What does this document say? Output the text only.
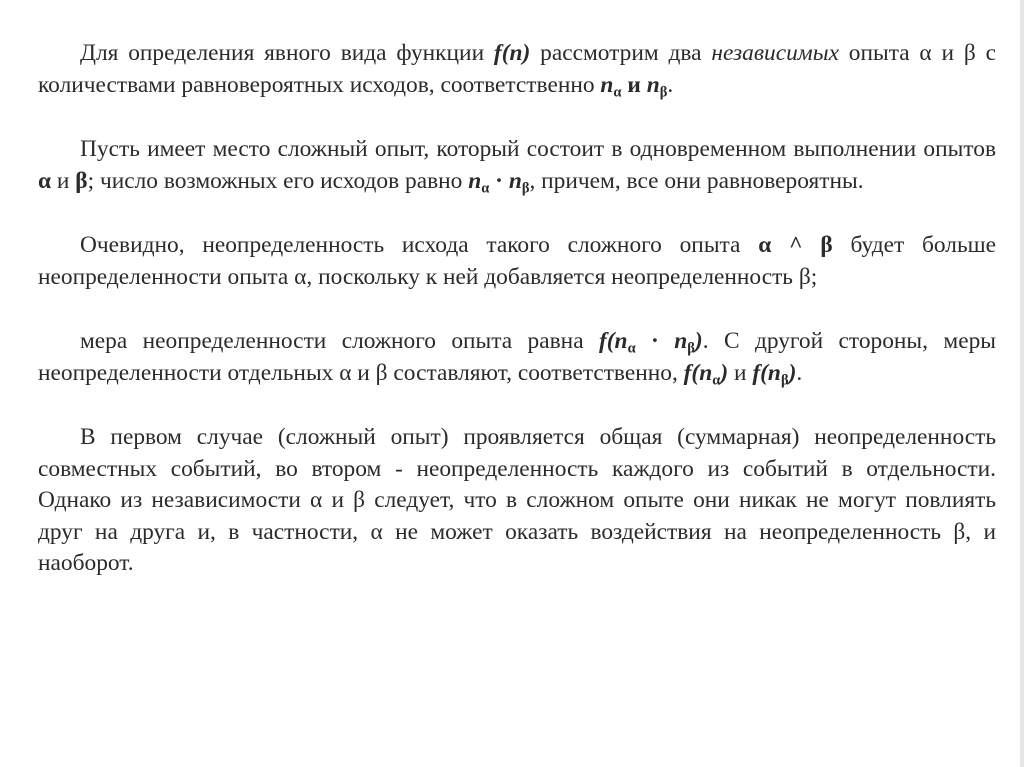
Для определения явного вида функции f(n) рассмотрим два независимых опыта α и β с количествами равновероятных исходов, соответственно $n_\alpha$ и $n_\beta$.

Пусть имеет место сложный опыт, который состоит в одновременном выполнении опытов α и β; число возможных его исходов равно $n_\alpha \cdot n_\beta$, причем, все они равновероятны.

Очевидно, неопределенность исхода такого сложного опыта α ^ β будет больше неопределенности опыта α, поскольку к ней добавляется неопределенность β;

мера неопределенности сложного опыта равна $f(n_\alpha \cdot n_\beta)$. С другой стороны, меры неопределенности отдельных α и β составляют, соответственно, $f(n_\alpha)$ и $f(n_\beta)$.

В первом случае (сложный опыт) проявляется общая (суммарная) неопределенность совместных событий, во втором - неопределенность каждого из событий в отдельности. Однако из независимости α и β следует, что в сложном опыте они никак не могут повлиять друг на друга и, в частности, α не может оказать воздействия на неопределенность β, и наоборот.
